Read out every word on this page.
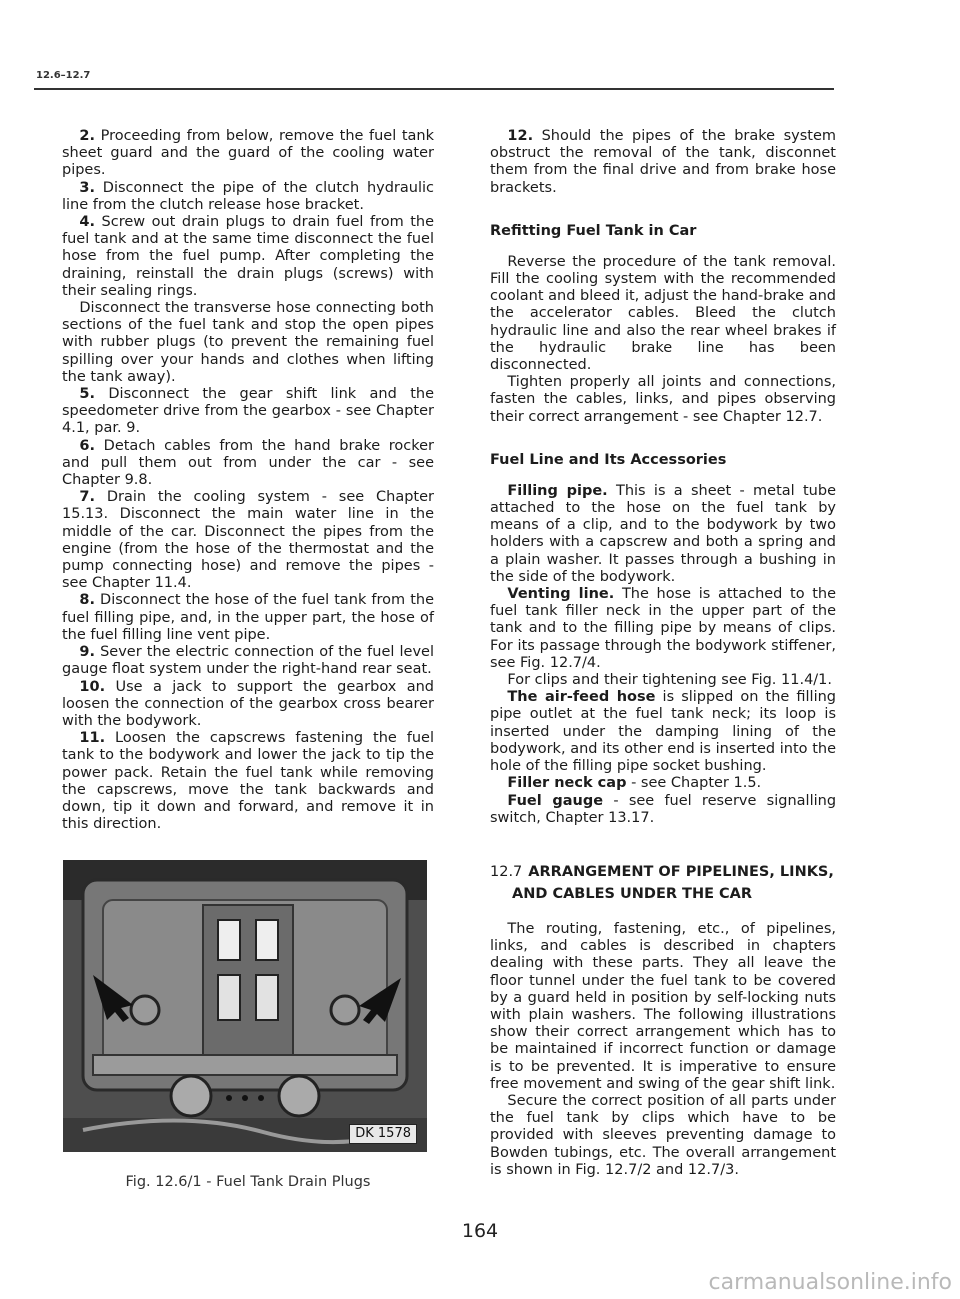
12.6–12.7

2. Proceeding from below, remove the fuel tank sheet guard and the guard of the cooling water pipes.

3. Disconnect the pipe of the clutch hydraulic line from the clutch release hose bracket.

4. Screw out drain plugs to drain fuel from the fuel tank and at the same time disconnect the fuel hose from the fuel pump. After completing the draining, reinstall the drain plugs (screws) with their sealing rings.

Disconnect the transverse hose connecting both sections of the fuel tank and stop the open pipes with rubber plugs (to prevent the remaining fuel spilling over your hands and clothes when lifting the tank away).

5. Disconnect the gear shift link and the speedometer drive from the gearbox - see Chapter 4.1, par. 9.

6. Detach cables from the hand brake rocker and pull them out from under the car - see Chapter 9.8.

7. Drain the cooling system - see Chapter 15.13. Disconnect the main water line in the middle of the car. Disconnect the pipes from the engine (from the hose of the thermostat and the pump connecting hose) and remove the pipes - see Chapter 11.4.

8. Disconnect the hose of the fuel tank from the fuel filling pipe, and, in the upper part, the hose of the fuel filling line vent pipe.

9. Sever the electric connection of the fuel level gauge float system under the right-hand rear seat.

10. Use a jack to support the gearbox and loosen the connection of the gearbox cross bearer with the bodywork.

11. Loosen the capscrews fastening the fuel tank to the bodywork and lower the jack to tip the power pack. Retain the fuel tank while removing the capscrews, move the tank backwards and down, tip it down and forward, and remove it in this direction.

DK 1578
Fig. 12.6/1 - Fuel Tank Drain Plugs

12. Should the pipes of the brake system obstruct the removal of the tank, disconnet them from the final drive and from brake hose brackets.

Refitting Fuel Tank in Car

Reverse the procedure of the tank removal. Fill the cooling system with the recommended coolant and bleed it, adjust the hand-brake and the accelerator cables. Bleed the clutch hydraulic line and also the rear wheel brakes if the hydraulic brake line has been disconnected.

Tighten properly all joints and connections, fasten the cables, links, and pipes observing their correct arrangement - see Chapter 12.7.

Fuel Line and Its Accessories

Filling pipe. This is a sheet - metal tube attached to the hose on the fuel tank by means of a clip, and to the bodywork by two holders with a capscrew and both a spring and a plain washer. It passes through a bushing in the side of the bodywork.

Venting line. The hose is attached to the fuel tank filler neck in the upper part of the tank and to the filling pipe by means of clips. For its passage through the bodywork stiffener, see Fig. 12.7/4.

For clips and their tightening see Fig. 11.4/1.

The air-feed hose is slipped on the filling pipe outlet at the fuel tank neck; its loop is inserted under the damping lining of the bodywork, and its other end is inserted into the hole of the filling pipe socket bushing.

Filler neck cap - see Chapter 1.5.

Fuel gauge - see fuel reserve signalling switch, Chapter 13.17.

12.7 ARRANGEMENT OF PIPELINES, LINKS,
AND CABLES UNDER THE CAR

The routing, fastening, etc., of pipelines, links, and cables is described in chapters dealing with these parts. They all leave the floor tunnel under the fuel tank to be covered by a guard held in position by self-locking nuts with plain washers. The following illustrations show their correct arrangement which has to be maintained if incorrect function or damage is to be prevented. It is imperative to ensure free movement and swing of the gear shift link.

Secure the correct position of all parts under the fuel tank by clips which have to be provided with sleeves preventing damage to Bowden tubings, etc. The overall arrangement is shown in Fig. 12.7/2 and 12.7/3.

164
carmanualsonline.info
